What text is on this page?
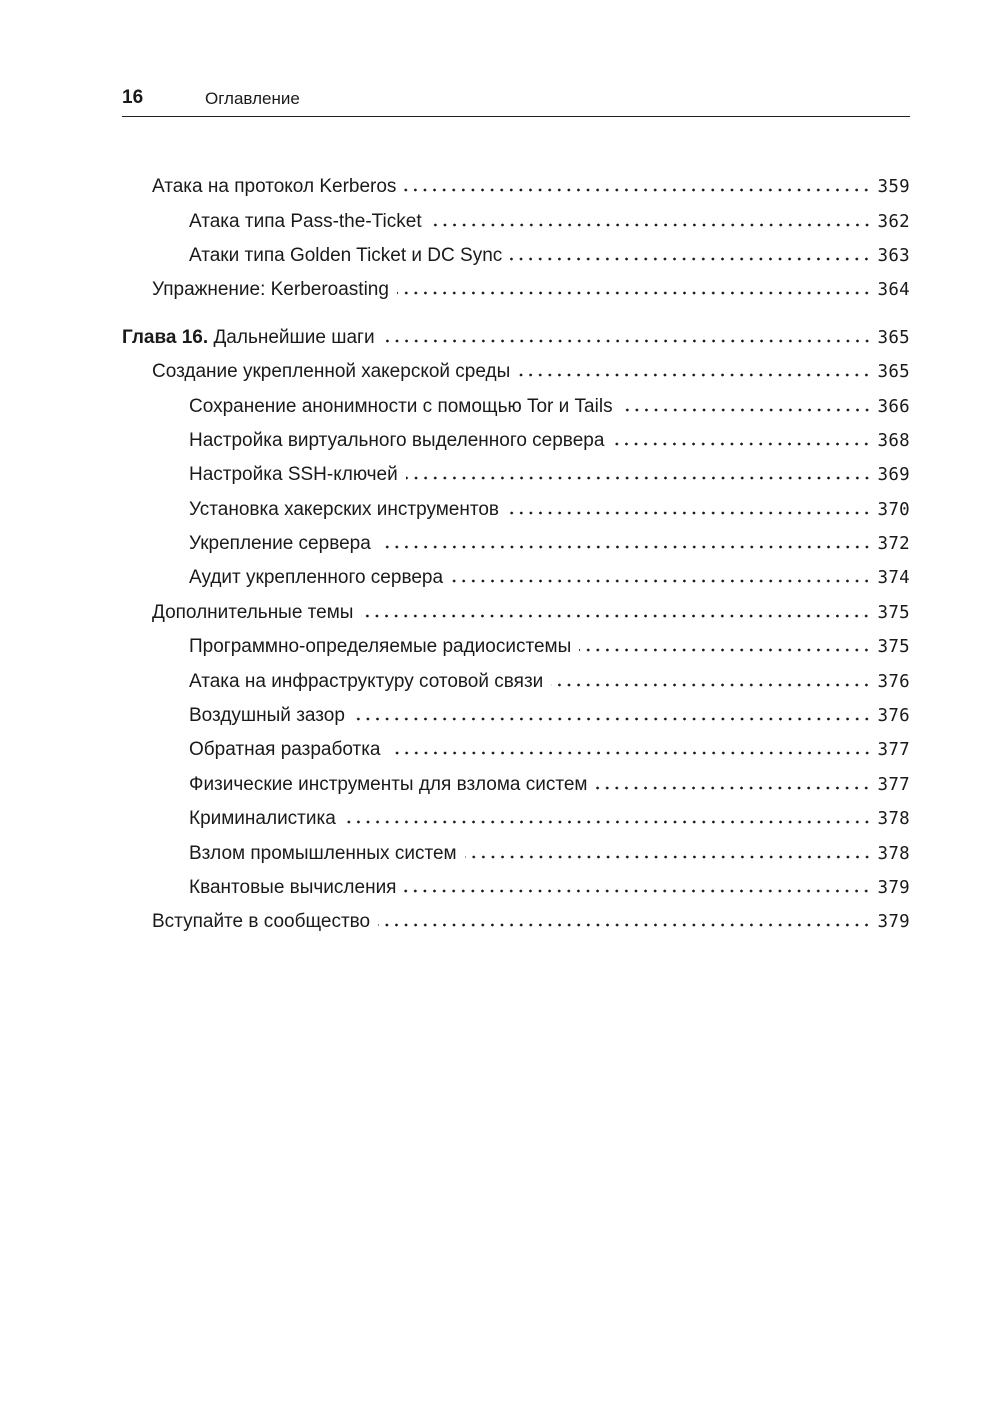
16	Оглавление
Атака на протокол Kerberos	359
Атака типа Pass-the-Ticket	362
Атаки типа Golden Ticket и DC Sync	363
Упражнение: Kerberoasting	364
Глава 16. Дальнейшие шаги	365
Создание укрепленной хакерской среды	365
Сохранение анонимности с помощью Tor и Tails	366
Настройка виртуального выделенного сервера	368
Настройка SSH-ключей	369
Установка хакерских инструментов	370
Укрепление сервера	372
Аудит укрепленного сервера	374
Дополнительные темы	375
Программно-определяемые радиосистемы	375
Атака на инфраструктуру сотовой связи	376
Воздушный зазор	376
Обратная разработка	377
Физические инструменты для взлома систем	377
Криминалистика	378
Взлом промышленных систем	378
Квантовые вычисления	379
Вступайте в сообщество	379
